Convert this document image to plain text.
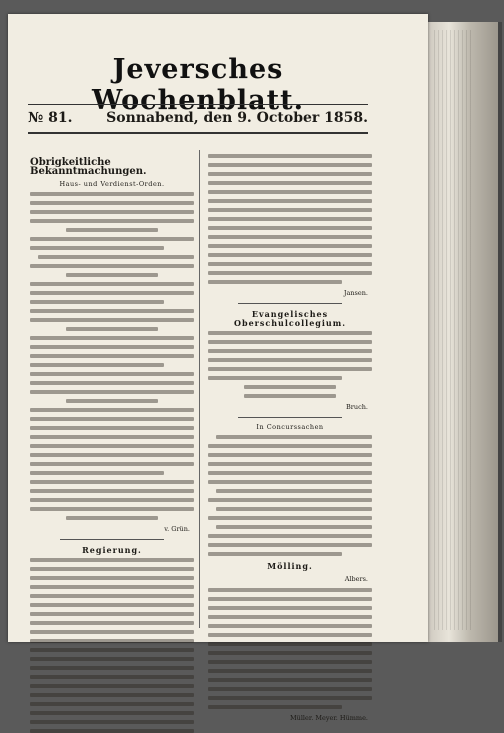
Jeversches Wochenblatt.
№ 81. Sonnabend, den 9. October 1858.
Obrigkeitliche Bekanntmachungen.
Haus- und Verdienst-Orden.
v. Grün.
Regierung.
Jansen.
Evangelisches Oberschulcollegium.
Bruch.
In Concurssachen
Mölling.
Albers.
Müller. Meyer. Hümme.
